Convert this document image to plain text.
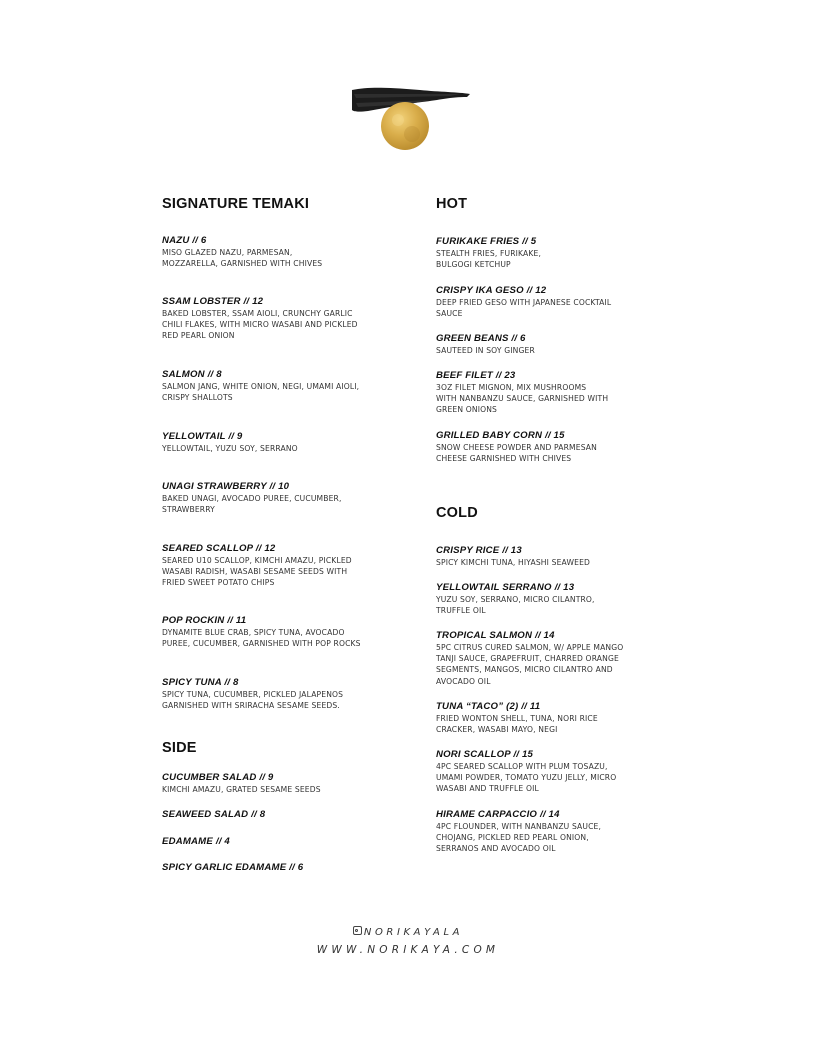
SIGNATURE TEMAKI
NAZU // 6
MISO GLAZED NAZU, PARMESAN,
MOZZARELLA, GARNISHED WITH CHIVES
SSAM LOBSTER // 12
BAKED LOBSTER, SSAM AIOLI, CRUNCHY GARLIC
CHILI FLAKES, WITH MICRO WASABI AND PICKLED
RED PEARL ONION
SALMON // 8
SALMON JANG, WHITE ONION, NEGI, UMAMI AIOLI,
CRISPY SHALLOTS
YELLOWTAIL // 9
YELLOWTAIL, YUZU SOY, SERRANO
UNAGI STRAWBERRY // 10
BAKED UNAGI, AVOCADO PUREE, CUCUMBER,
STRAWBERRY
SEARED SCALLOP // 12
SEARED U10 SCALLOP, KIMCHI AMAZU, PICKLED
WASABI RADISH, WASABI SESAME SEEDS WITH
FRIED SWEET POTATO CHIPS
POP ROCKIN // 11
DYNAMITE BLUE CRAB, SPICY TUNA, AVOCADO
PUREE, CUCUMBER, GARNISHED WITH POP ROCKS
SPICY TUNA // 8
SPICY TUNA, CUCUMBER, PICKLED JALAPENOS
GARNISHED WITH SRIRACHA SESAME SEEDS.
SIDE
CUCUMBER SALAD // 9
KIMCHI AMAZU, GRATED SESAME SEEDS
SEAWEED SALAD // 8
EDAMAME // 4
SPICY GARLIC EDAMAME // 6
HOT
FURIKAKE FRIES // 5
STEALTH FRIES, FURIKAKE,
BULGOGI KETCHUP
CRISPY IKA GESO // 12
DEEP FRIED GESO WITH JAPANESE COCKTAIL
SAUCE
GREEN BEANS // 6
SAUTEED IN SOY GINGER
BEEF FILET // 23
3OZ FILET MIGNON, MIX MUSHROOMS
WITH NANBANZU SAUCE, GARNISHED WITH
GREEN ONIONS
GRILLED BABY CORN // 15
SNOW CHEESE POWDER AND PARMESAN
CHEESE GARNISHED WITH CHIVES
COLD
CRISPY RICE // 13
SPICY KIMCHI TUNA, HIYASHI SEAWEED
YELLOWTAIL SERRANO // 13
YUZU SOY, SERRANO, MICRO CILANTRO,
TRUFFLE OIL
TROPICAL SALMON // 14
5PC CITRUS CURED SALMON, W/ APPLE MANGO
TANJI SAUCE, GRAPEFRUIT, CHARRED ORANGE
SEGMENTS, MANGOS, MICRO CILANTRO AND
AVOCADO OIL
TUNA “TACO” (2) // 11
FRIED WONTON SHELL, TUNA, NORI RICE
CRACKER, WASABI MAYO, NEGI
NORI SCALLOP // 15
4PC SEARED SCALLOP WITH PLUM TOSAZU,
UMAMI POWDER, TOMATO YUZU JELLY, MICRO
WASABI AND TRUFFLE OIL
HIRAME CARPACCIO // 14
4PC FLOUNDER, WITH NANBANZU SAUCE,
CHOJANG, PICKLED RED PEARL ONION,
SERRANOS AND AVOCADO OIL
NORIKAYALA
WWW.NORIKAYA.COM
